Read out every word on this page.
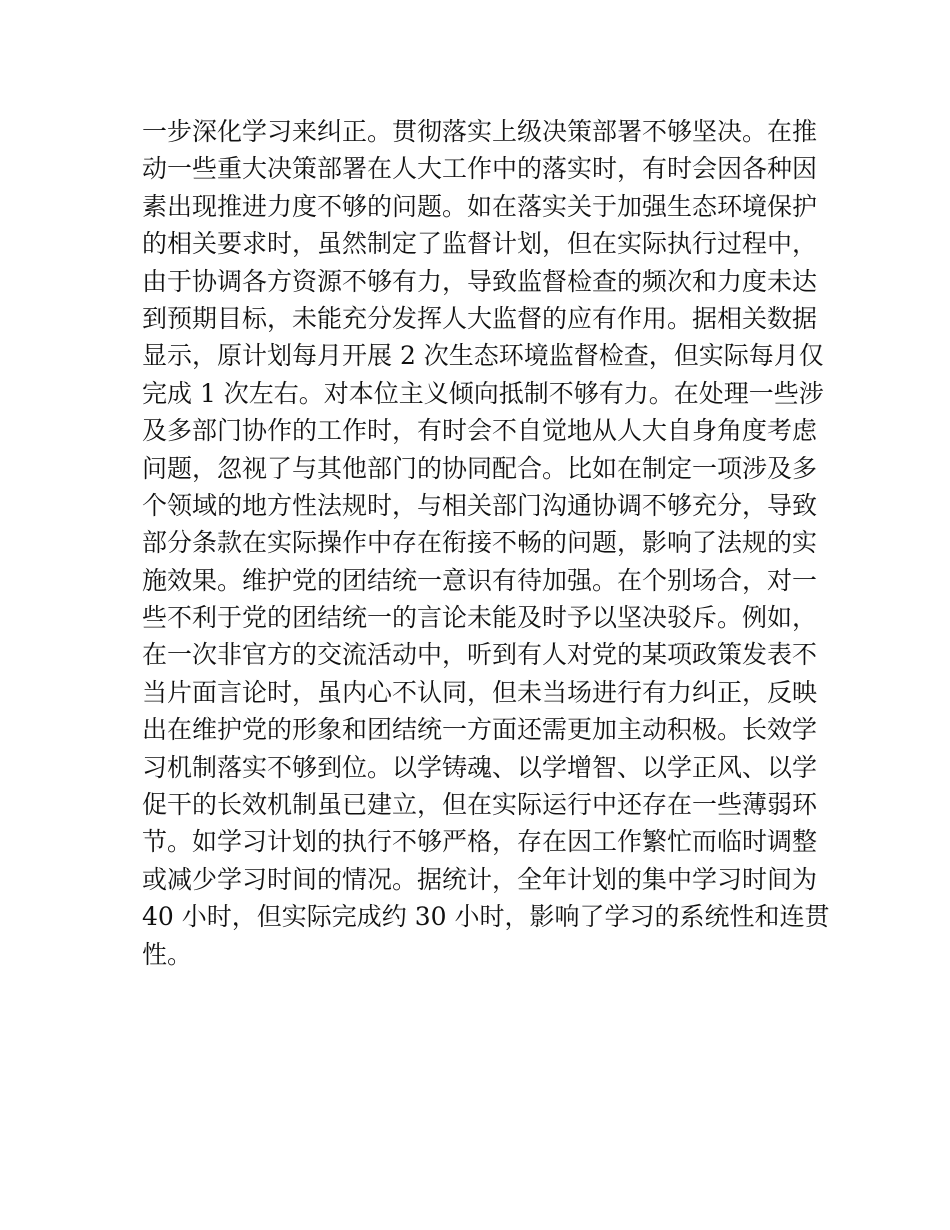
一步深化学习来纠正。贯彻落实上级决策部署不够坚决。在推
动一些重大决策部署在人大工作中的落实时，有时会因各种因
素出现推进力度不够的问题。如在落实关于加强生态环境保护
的相关要求时，虽然制定了监督计划，但在实际执行过程中，
由于协调各方资源不够有力，导致监督检查的频次和力度未达
到预期目标，未能充分发挥人大监督的应有作用。据相关数据
显示，原计划每月开展 2 次生态环境监督检查，但实际每月仅
完成 1 次左右。对本位主义倾向抵制不够有力。在处理一些涉
及多部门协作的工作时，有时会不自觉地从人大自身角度考虑
问题，忽视了与其他部门的协同配合。比如在制定一项涉及多
个领域的地方性法规时，与相关部门沟通协调不够充分，导致
部分条款在实际操作中存在衔接不畅的问题，影响了法规的实
施效果。维护党的团结统一意识有待加强。在个别场合，对一
些不利于党的团结统一的言论未能及时予以坚决驳斥。例如，
在一次非官方的交流活动中，听到有人对党的某项政策发表不
当片面言论时，虽内心不认同，但未当场进行有力纠正，反映
出在维护党的形象和团结统一方面还需更加主动积极。长效学
习机制落实不够到位。以学铸魂、以学增智、以学正风、以学
促干的长效机制虽已建立，但在实际运行中还存在一些薄弱环
节。如学习计划的执行不够严格，存在因工作繁忙而临时调整
或减少学习时间的情况。据统计，全年计划的集中学习时间为
40 小时，但实际完成约 30 小时，影响了学习的系统性和连贯
性。
